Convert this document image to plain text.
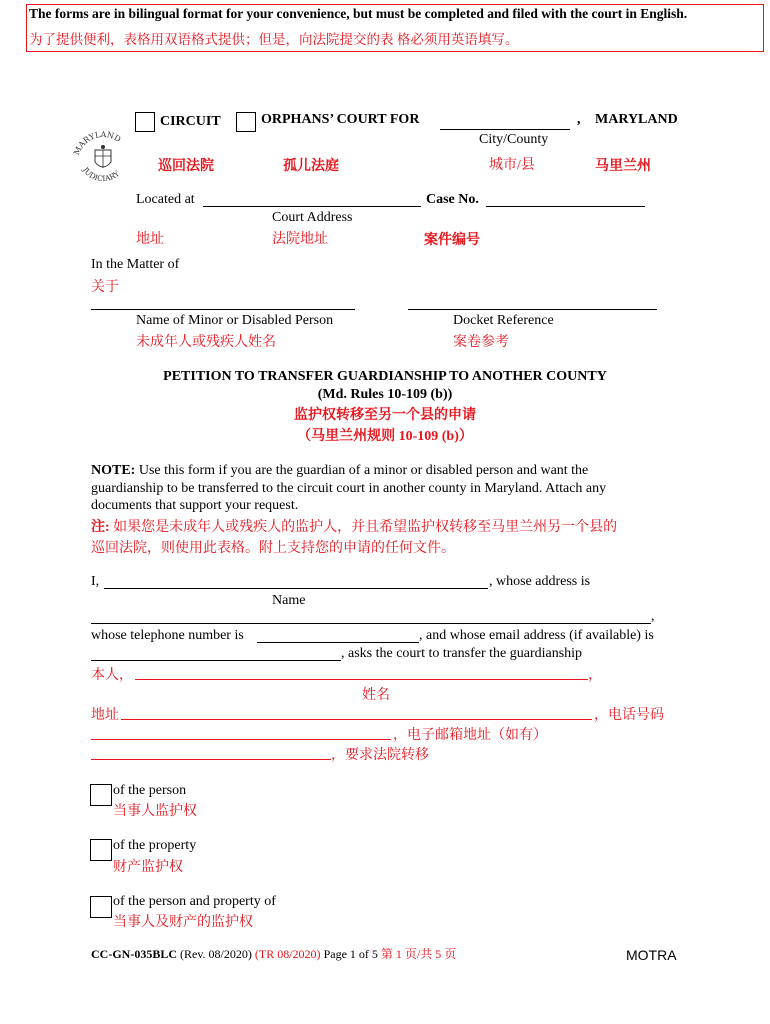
The forms are in bilingual format for your convenience, but must be completed and filed with the court in English.
为了提供便利，表格用双语格式提供；但是，向法院提交的表 格必须用英语填写。
MARYLAND
JUDICIARY
CIRCUIT	ORPHANS’ COURT FOR	, MARYLAND
City/County
巡回法院	孤儿法庭	城市/县	马里兰州
Located at	Case No.
Court Address
地址	法院地址	案件编号
In the Matter of
关于
Name of Minor or Disabled Person	Docket Reference
未成年人或残疾人姓名	案卷参考
PETITION TO TRANSFER GUARDIANSHIP TO ANOTHER COUNTY
(Md. Rules 10-109 (b))
监护权转移至另一个县的申请
（马里兰州规则 10-109 (b)）
NOTE: Use this form if you are the guardian of a minor or disabled person and want the
guardianship to be transferred to the circuit court in another county in Maryland. Attach any
documents that support your request.
注: 如果您是未成年人或残疾人的监护人，并且希望监护权转移至马里兰州另一个县的
巡回法院，则使用此表格。附上支持您的申请的任何文件。
I,	, whose address is
Name
,
whose telephone number is	, and whose email address (if available) is
, asks the court to transfer the guardianship
本人，	，
姓名
地址	，电话号码
，电子邮箱地址（如有）
，要求法院转移
of the person
当事人监护权
of the property
财产监护权
of the person and property of
当事人及财产的监护权
CC-GN-035BLC (Rev. 08/2020) (TR 08/2020) Page 1 of 5 第 1 页/共 5 页	MOTRA
